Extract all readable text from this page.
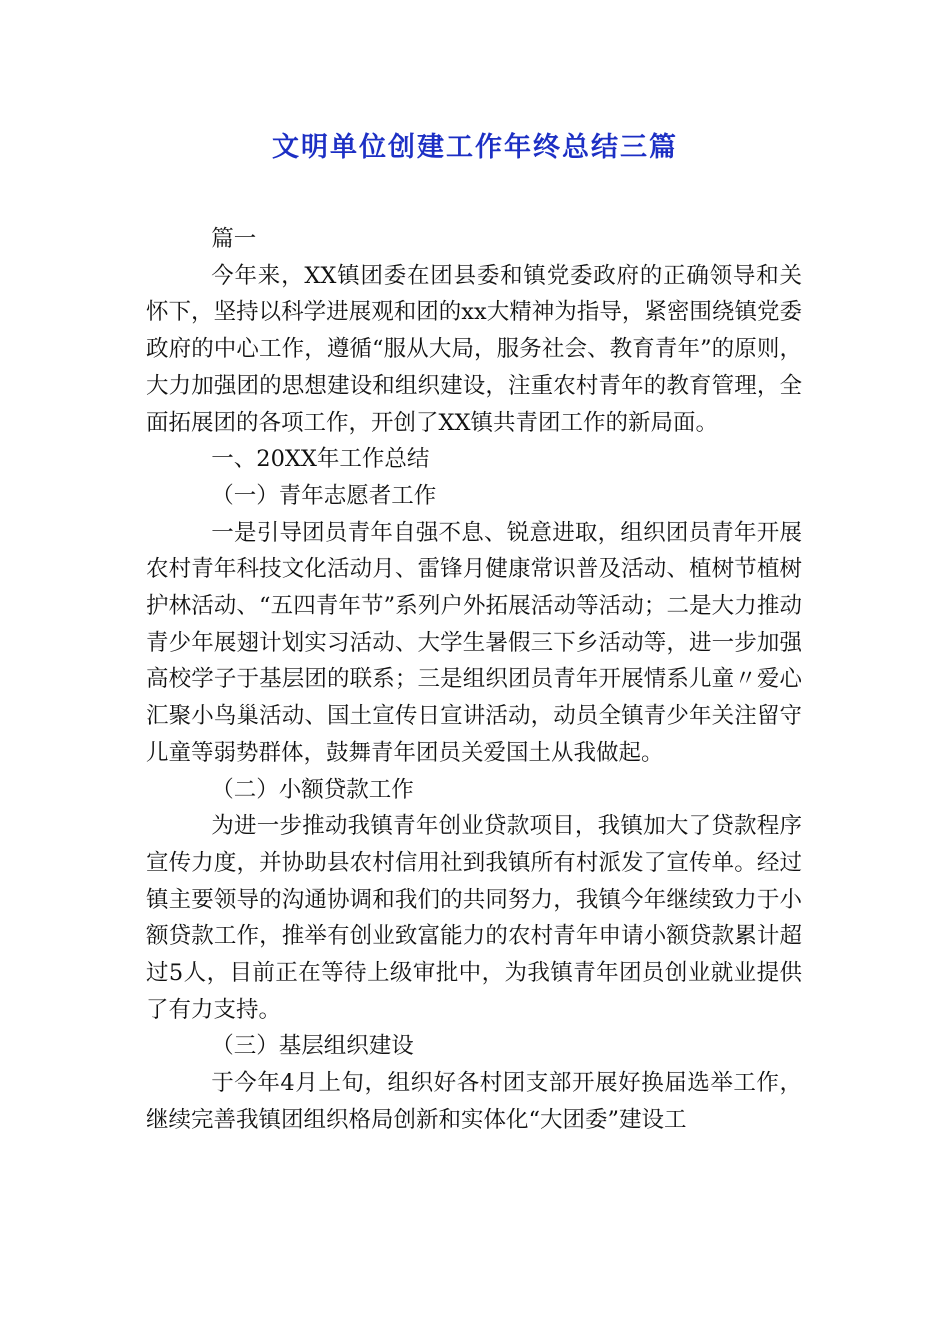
文明单位创建工作年终总结三篇

篇一

今年来，XX镇团委在团县委和镇党委政府的正确领导和关怀下，坚持以科学进展观和团的xx大精神为指导，紧密围绕镇党委政府的中心工作，遵循“服从大局，服务社会、教育青年”的原则，大力加强团的思想建设和组织建设，注重农村青年的教育管理，全面拓展团的各项工作，开创了XX镇共青团工作的新局面。

一、20XX年工作总结

（一）青年志愿者工作

一是引导团员青年自强不息、锐意进取，组织团员青年开展农村青年科技文化活动月、雷锋月健康常识普及活动、植树节植树护林活动、“五四青年节”系列户外拓展活动等活动；二是大力推动青少年展翅计划实习活动、大学生暑假三下乡活动等，进一步加强高校学子于基层团的联系；三是组织团员青年开展情系儿童〃爱心汇聚小鸟巢活动、国土宣传日宣讲活动，动员全镇青少年关注留守儿童等弱势群体，鼓舞青年团员关爱国土从我做起。

（二）小额贷款工作

为进一步推动我镇青年创业贷款项目，我镇加大了贷款程序宣传力度，并协助县农村信用社到我镇所有村派发了宣传单。经过镇主要领导的沟通协调和我们的共同努力，我镇今年继续致力于小额贷款工作，推举有创业致富能力的农村青年申请小额贷款累计超过5人，目前正在等待上级审批中，为我镇青年团员创业就业提供了有力支持。

（三）基层组织建设

于今年4月上旬，组织好各村团支部开展好换届选举工作，继续完善我镇团组织格局创新和实体化“大团委”建设工
